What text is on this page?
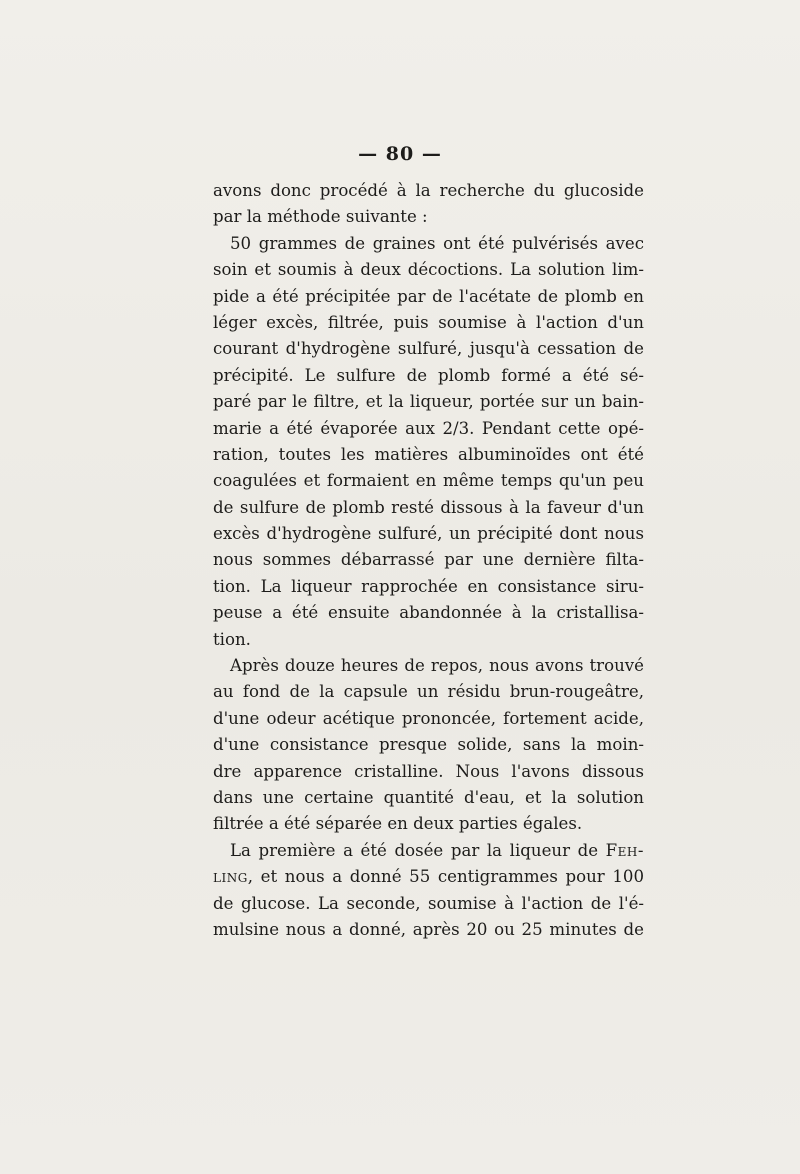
— 80 —
avons donc procédé à la recherche du glucoside
par la méthode suivante :
50 grammes de graines ont été pulvérisés avec
soin et soumis à deux décoctions. La solution lim-
pide a été précipitée par de l'acétate de plomb en
léger excès, filtrée, puis soumise à l'action d'un
courant d'hydrogène sulfuré, jusqu'à cessation de
précipité. Le sulfure de plomb formé a été sé-
paré par le filtre, et la liqueur, portée sur un bain-
marie a été évaporée aux 2/3. Pendant cette opé-
ration, toutes les matières albuminoïdes ont été
coagulées et formaient en même temps qu'un peu
de sulfure de plomb resté dissous à la faveur d'un
excès d'hydrogène sulfuré, un précipité dont nous
nous sommes débarrassé par une dernière filta-
tion. La liqueur rapprochée en consistance siru-
peuse a été ensuite abandonnée à la cristallisa-
tion.
Après douze heures de repos, nous avons trouvé
au fond de la capsule un résidu brun-rougeâtre,
d'une odeur acétique prononcée, fortement acide,
d'une consistance presque solide, sans la moin-
dre apparence cristalline. Nous l'avons dissous
dans une certaine quantité d'eau, et la solution
filtrée a été séparée en deux parties égales.
La première a été dosée par la liqueur de Feh-
ling, et nous a donné 55 centigrammes pour 100
de glucose. La seconde, soumise à l'action de l'é-
mulsine nous a donné, après 20 ou 25 minutes de
